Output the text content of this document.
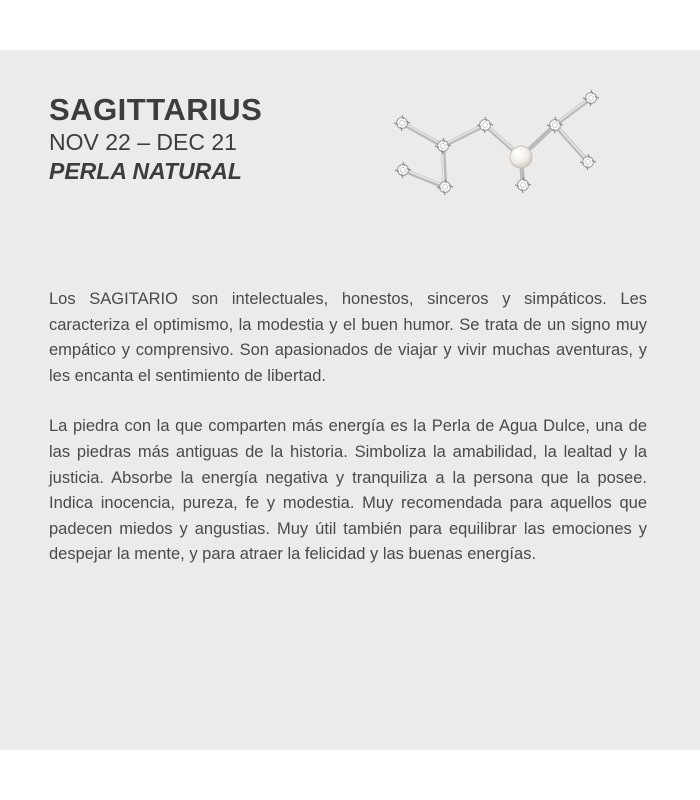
SAGITTARIUS

NOV 22 – DEC 21

PERLA NATURAL

Los SAGITARIO son intelectuales, honestos, sinceros y simpáticos. Les caracteriza el optimismo, la modestia y el buen humor. Se trata de un signo muy empático y comprensivo. Son apasionados de viajar y vivir muchas aventuras, y les encanta el sentimiento de libertad.

La piedra con la que comparten más energía es la Perla de Agua Dulce, una de las piedras más antiguas de la historia. Simboliza la amabilidad, la lealtad y la justicia. Absorbe la energía negativa y tranquiliza a la persona que la posee. Indica inocencia, pureza, fe y modestia. Muy recomendada para aquellos que padecen miedos y angustias. Muy útil también para equilibrar las emociones y despejar la mente, y para atraer la felicidad y las buenas energías.
